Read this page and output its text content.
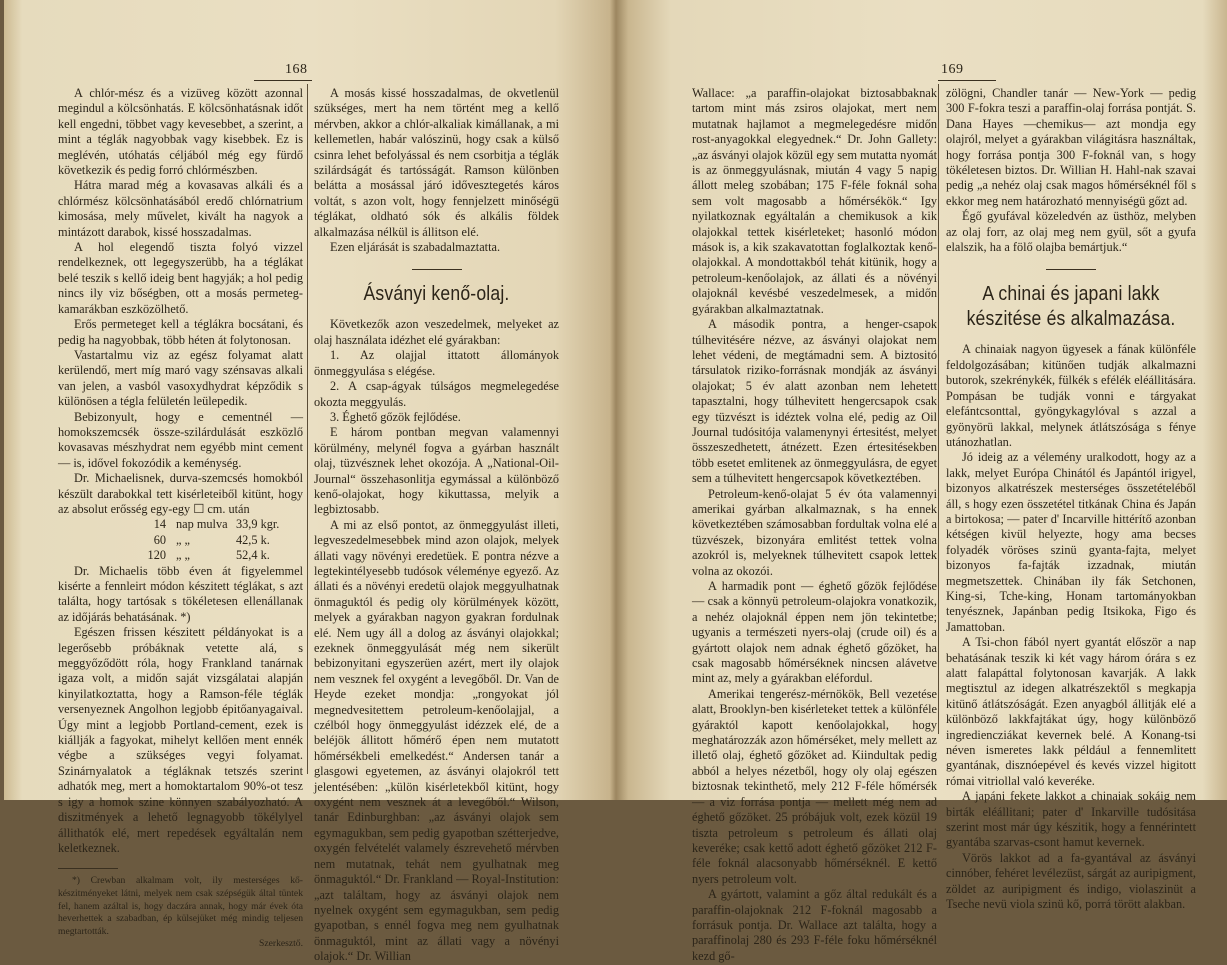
168

A chlór-mész és a vizüveg között azonnal megindul a kölcsönhatás. E kölcsönhatásnak időt kell engedni, többet vagy kevesebbet, a szerint, a mint a téglák nagyobbak vagy kisebbek. Ez is meglévén, utóhatás céljából még egy fürdő következik és pedig forró chlórmészben.

Hátra marad még a kovasavas alkáli és a chlórmész kölcsönhatásából eredő chlórnatrium kimosása, mely művelet, kivált ha nagyok a mintázott darabok, kissé hosszadalmas.

A hol elegendő tiszta folyó vizzel rendelkeznek, ott legegyszerübb, ha a téglákat belé teszik s kellő ideig bent hagyják; a hol pedig nincs ily viz bőségben, ott a mosás permeteg-kamarákban eszközölhető.

Erős permeteget kell a téglákra bocsátani, és pedig ha nagyobbak, több héten át folytonosan.

Vastartalmu viz az egész folyamat alatt kerülendő, mert míg maró vagy szénsavas alkali van jelen, a vasból vasoxydhydrat képződik s különösen a tégla felületén leülepedik.

Bebizonyult, hogy e cementnél — homokszemcsék össze-szilárdulását eszközlő kovasavas mészhydrat nem egyébb mint cement — is, idővel fokozódik a keménység.

Dr. Michaelisnek, durva-szemcsés homokból készült darabokkal tett kisérleteiből kitünt, hogy az absolut erősség egy-egy ☐ cm. után

14 nap mulva 33,9 kgr.
60 „ „	42,5 k.
120 „ „	52,4 k.

Dr. Michaelis több éven át figyelemmel kisérte a fennleirt módon készitett téglákat, s azt találta, hogy tartósak s tökéletesen ellenállanak az időjárás behatásának. *)

Egészen frissen készitett példányokat is a legerősebb próbáknak vetette alá, s meggyőződött róla, hogy Frankland tanárnak igaza volt, a midőn saját vizsgálatai alapján kinyilatkoztatta, hogy a Ramson-féle téglák versenyeznek Angolhon legjobb épitőanyagaival. Úgy mint a legjobb Portland-cement, ezek is kiállják a fagyokat, mihelyt kellően ment ennék végbe a szükséges vegyi folyamat. Szinárnyalatok a tégláknak tetszés szerint adhatók meg, mert a homoktartalom 90%-ot tesz s igy a homok szine könnyen szabályozható. A diszitmények a lehető legnagyobb tökélylyel állithatók elé, mert repedések egyáltalán nem keletkeznek.

*) Crewban alkalmam volt, ily mesterséges kő-készitményeket látni, melyek nem csak szépségük által tüntek fel, hanem azáltal is, hogy daczára annak, hogy már évek óta heverhettek a szabadban, ép külsejüket még mindig teljesen megtartották.
Szerkesztő.

A mosás kissé hosszadalmas, de okvetlenül szükséges, mert ha nem történt meg a kellő mérvben, akkor a chlór-alkaliak kimállanak, a mi kellemetlen, habár valószinü, hogy csak a külső csinra lehet befolyással és nem csorbitja a téglák szilárdságát és tartósságát. Ramson különben belátta a mosással járó idővesztegetés káros voltát, s azon volt, hogy fennjelzett minőségü téglákat, oldható sók és alkális földek alkalmazása nélkül is állitson elé.

Ezen eljárását is szabadalmaztatta.

Ásványi kenő-olaj.

Következők azon veszedelmek, melyeket az olaj használata idézhet elé gyárakban:

1. Az olajjal ittatott állományok önmeggyulása s elégése.

2. A csap-ágyak túlságos megmelegedése okozta meggyulás.

3. Éghető gőzök fejlődése.

E három pontban megvan valamennyi körülmény, melynél fogva a gyárban használt olaj, tüzvésznek lehet okozója. A „National-Oil-Journal“ összehasonlitja egymással a különböző kenő-olajokat, hogy kikuttassa, melyik a legbiztosabb.

A mi az első pontot, az önmeggyulást illeti, legveszedelmesebbek mind azon olajok, melyek állati vagy növényi eredetüek. E pontra nézve a legtekintélyesebb tudósok véleménye egyező. Az állati és a növényi eredetü olajok meggyulhatnak önmaguktól és pedig oly körülmények között, melyek a gyárakban nagyon gyakran fordulnak elé. Nem ugy áll a dolog az ásványi olajokkal; ezeknek önmeggyulását még nem sikerült bebizonyitani egyszerüen azért, mert ily olajok nem vesznek fel oxygént a levegőből. Dr. Van de Heyde ezeket mondja: „rongyokat jól megnedvesitettem petroleum-kenőolajjal, a czélból hogy önmeggyulást idézzek elé, de a beléjök állitott hőmérő épen nem mutatott hőmérsékbeli emelkedést.“ Andersen tanár a glasgowi egyetemen, az ásványi olajokról tett jelentésében: „külön kisérletekből kitünt, hogy oxygént nem vesznek át a levegőből.“ Wilson, tanár Edinburghban: „az ásványi olajok sem egymagukban, sem pedig gyapotban szétterjedve, oxygén felvételét valamely észrevehető mérvben nem mutatnak, tehát nem gyulhatnak meg önmaguktól.“ Dr. Frankland — Royal-Institution: „azt találtam, hogy az ásványi olajok nem nyelnek oxygént sem egymagukban, sem pedig gyapotban, s ennél fogva meg nem gyulhatnak önmaguktól, mint az állati vagy a növényi olajok.“ Dr. Willian

169

Wallace: „a paraffin-olajokat biztosabbaknak tartom mint más zsiros olajokat, mert nem mutatnak hajlamot a megmelegedésre midőn rost-anyagokkal elegyednek.“ Dr. John Gallety: „az ásványi olajok közül egy sem mutatta nyomát is az önmeggyulásnak, miután 4 vagy 5 napig állott meleg szobában; 175 F-féle foknál soha sem volt magosabb a hőmérsékök.“ Igy nyilatkoznak egyáltalán a chemikusok a kik olajokkal tettek kisérleteket; hasonló módon mások is, a kik szakavatottan foglalkoztak kenő-olajokkal. A mondottakból tehát kitünik, hogy a petroleum-kenőolajok, az állati és a növényi olajoknál kevésbé veszedelmesek, a midőn gyárakban alkalmaztatnak.

A második pontra, a henger-csapok túlhevitésére nézve, az ásványi olajokat nem lehet védeni, de megtámadni sem. A biztositó társulatok riziko-forrásnak mondják az ásványi olajokat; 5 év alatt azonban nem lehetett tapasztalni, hogy túlhevitett hengercsapok csak egy tüzvészt is idéztek volna elé, pedig az Oil Journal tudósitója valamenynyi értesitést, melyet összeszedhetett, átnézett. Ezen értesitésekben több esetet emlitenek az önmeggyulásra, de egyet sem a túlhevitett hengercsapok következtében.

Petroleum-kenő-olajat 5 év óta valamennyi amerikai gyárban alkalmaznak, s ha ennek következtében számosabban fordultak volna elé a tüzvészek, bizonyára emlitést tettek volna azokról is, melyeknek túlhevitett csapok lettek volna az okozói.

A harmadik pont — éghető gőzök fejlődése — csak a könnyü petroleum-olajokra vonatkozik, a nehéz olajoknál éppen nem jön tekintetbe; ugyanis a természeti nyers-olaj (crude oil) és a gyártott olajok nem adnak éghető gőzöket, ha csak magosabb hőmérséknek nincsen alávetve mint az, mely a gyárakban eléfordul.

Amerikai tengerész-mérnökök, Bell vezetése alatt, Brooklyn-ben kisérleteket tettek a különféle gyáraktól kapott kenőolajokkal, hogy meghatározzák azon hőmérséket, mely mellett az illető olaj, éghető gőzöket ad. Kiindultak pedig abból a helyes nézetből, hogy oly olaj egészen biztosnak tekinthető, mely 212 F-féle hőmérsék — a viz forrása pontja — mellett még nem ad éghető gőzöket. 25 próbájuk volt, ezek közül 19 tiszta petroleum s petroleum és állati olaj keveréke; csak kettő adott éghető gőzöket 212 F-féle foknál alacsonyabb hőmérséknél. E kettő nyers petroleum volt.

A gyártott, valamint a gőz által redukált és a paraffin-olajoknak 212 F-foknál magosabb a forrásuk pontja. Dr. Wallace azt találta, hogy a paraffinolaj 280 és 293 F-féle foku hőmérséknél kezd gő-

zölögni, Chandler tanár — New-York — pedig 300 F-fokra teszi a paraffin-olaj forrása pontját. S. Dana Hayes —chemikus— azt mondja egy olajról, melyet a gyárakban világitásra használtak, hogy forrása pontja 300 F-foknál van, s hogy tökéletesen biztos. Dr. Willian H. Hahl-nak szavai pedig „a nehéz olaj csak magos hőmérséknél fől s ekkor meg nem határozható mennyiségü gőzt ad.

Égő gyufával közeledvén az üsthöz, melyben az olaj forr, az olaj meg nem gyül, sőt a gyufa elalszik, ha a fölő olajba bemártjuk.“

A chinai és japani lakk készitése és alkalmazása.

A chinaiak nagyon ügyesek a fának különféle feldolgozásában; kitünően tudják alkalmazni butorok, szekrénykék, fülkék s efélék eléállitására. Pompásan be tudják vonni e tárgyakat elefántcsonttal, gyöngykagylóval s azzal a gyönyörü lakkal, melynek átlátszósága s fénye utánozhatlan.

Jó ideig az a vélemény uralkodott, hogy az a lakk, melyet Európa Chinától és Japántól irigyel, bizonyos alkatrészek mesterséges összetételéből áll, s hogy ezen összetétel titkának China és Japán a birtokosa; — pater d' Incarville hittérítő azonban kétségen kivül helyezte, hogy ama becses folyadék vöröses szinü gyanta-fajta, melyet bizonyos fa-fajták izzadnak, miután megmetszettek. Chinában ily fák Setchonen, King-si, Tche-king, Honam tartományokban tenyésznek, Japánban pedig Itsikoka, Figo és Jamattoban.

A Tsi-chon fából nyert gyantát először a nap behatásának teszik ki két vagy három órára s ez alatt falapáttal folytonosan kavarják. A lakk megtisztul az idegen alkatrészektől s megkapja kitünő átlátszóságát. Ezen anyagból állitják elé a különböző lakkfajtákat úgy, hogy különböző ingrediencziákat kevernek belé. A Konang-tsi néven ismeretes lakk például a fennemlitett gyantának, disznóepével és kevés vizzel higitott római vitriollal való keveréke.

A japáni fekete lakkot a chinaiak sokáig nem birták eléállitani; pater d' Inkarville tudósitása szerint most már úgy készitik, hogy a fennérintett gyantába szarvas-csont hamut kevernek.

Vörös lakkot ad a fa-gyantával az ásványi cinnóber, fehéret levélezüst, sárgát az auripigment, zöldet az auripigment és indigo, violaszinüt a Tseche nevü viola szinü kő, porrá törött alakban.
